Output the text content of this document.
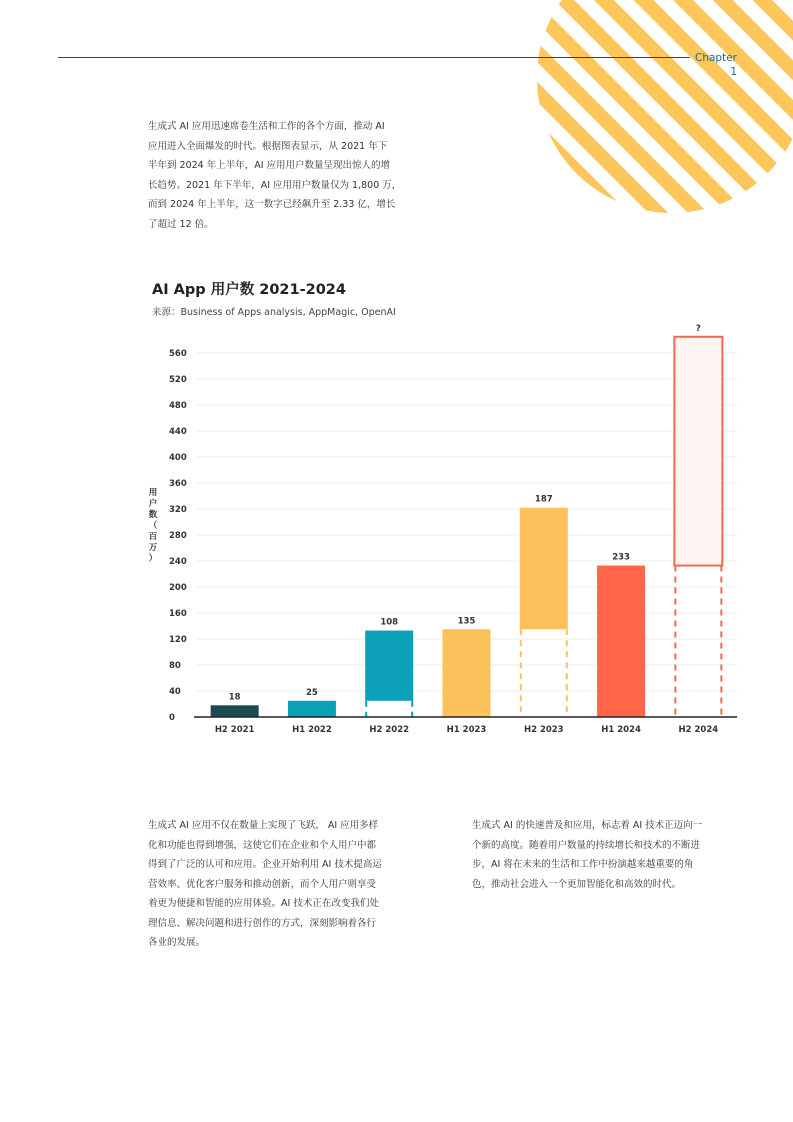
Chapter
1
生成式 AI 应用迅速席卷生活和工作的各个方面，推动 AI
应用进入全面爆发的时代。根据图表显示，从 2021 年下
半年到 2024 年上半年，AI 应用用户数量呈现出惊人的增
长趋势。2021 年下半年，AI 应用用户数量仅为 1,800 万，
而到 2024 年上半年，这一数字已经飙升至 2.33 亿，增长
了超过 12 倍。
AI App 用户数 2021-2024
来源：Business of Apps analysis, AppMagic, OpenAI
0
40
80
120
160
200
240
280
320
360
400
440
480
520
560
用
户
数
（
百
万
）
18
H2 2021
25
H1 2022
108
H2 2022
135
H1 2023
187
H2 2023
233
H1 2024
?
H2 2024
生成式 AI 应用不仅在数量上实现了飞跃， AI 应用多样
化和功能也得到增强，这使它们在企业和个人用户中都
得到了广泛的认可和应用。企业开始利用 AI 技术提高运
营效率、优化客户服务和推动创新，而个人用户则享受
着更为便捷和智能的应用体验。AI 技术正在改变我们处
理信息、解决问题和进行创作的方式，深刻影响着各行
各业的发展。
生成式 AI 的快速普及和应用，标志着 AI 技术正迈向一
个新的高度。随着用户数量的持续增长和技术的不断进
步，AI 将在未来的生活和工作中扮演越来越重要的角
色，推动社会进入一个更加智能化和高效的时代。
